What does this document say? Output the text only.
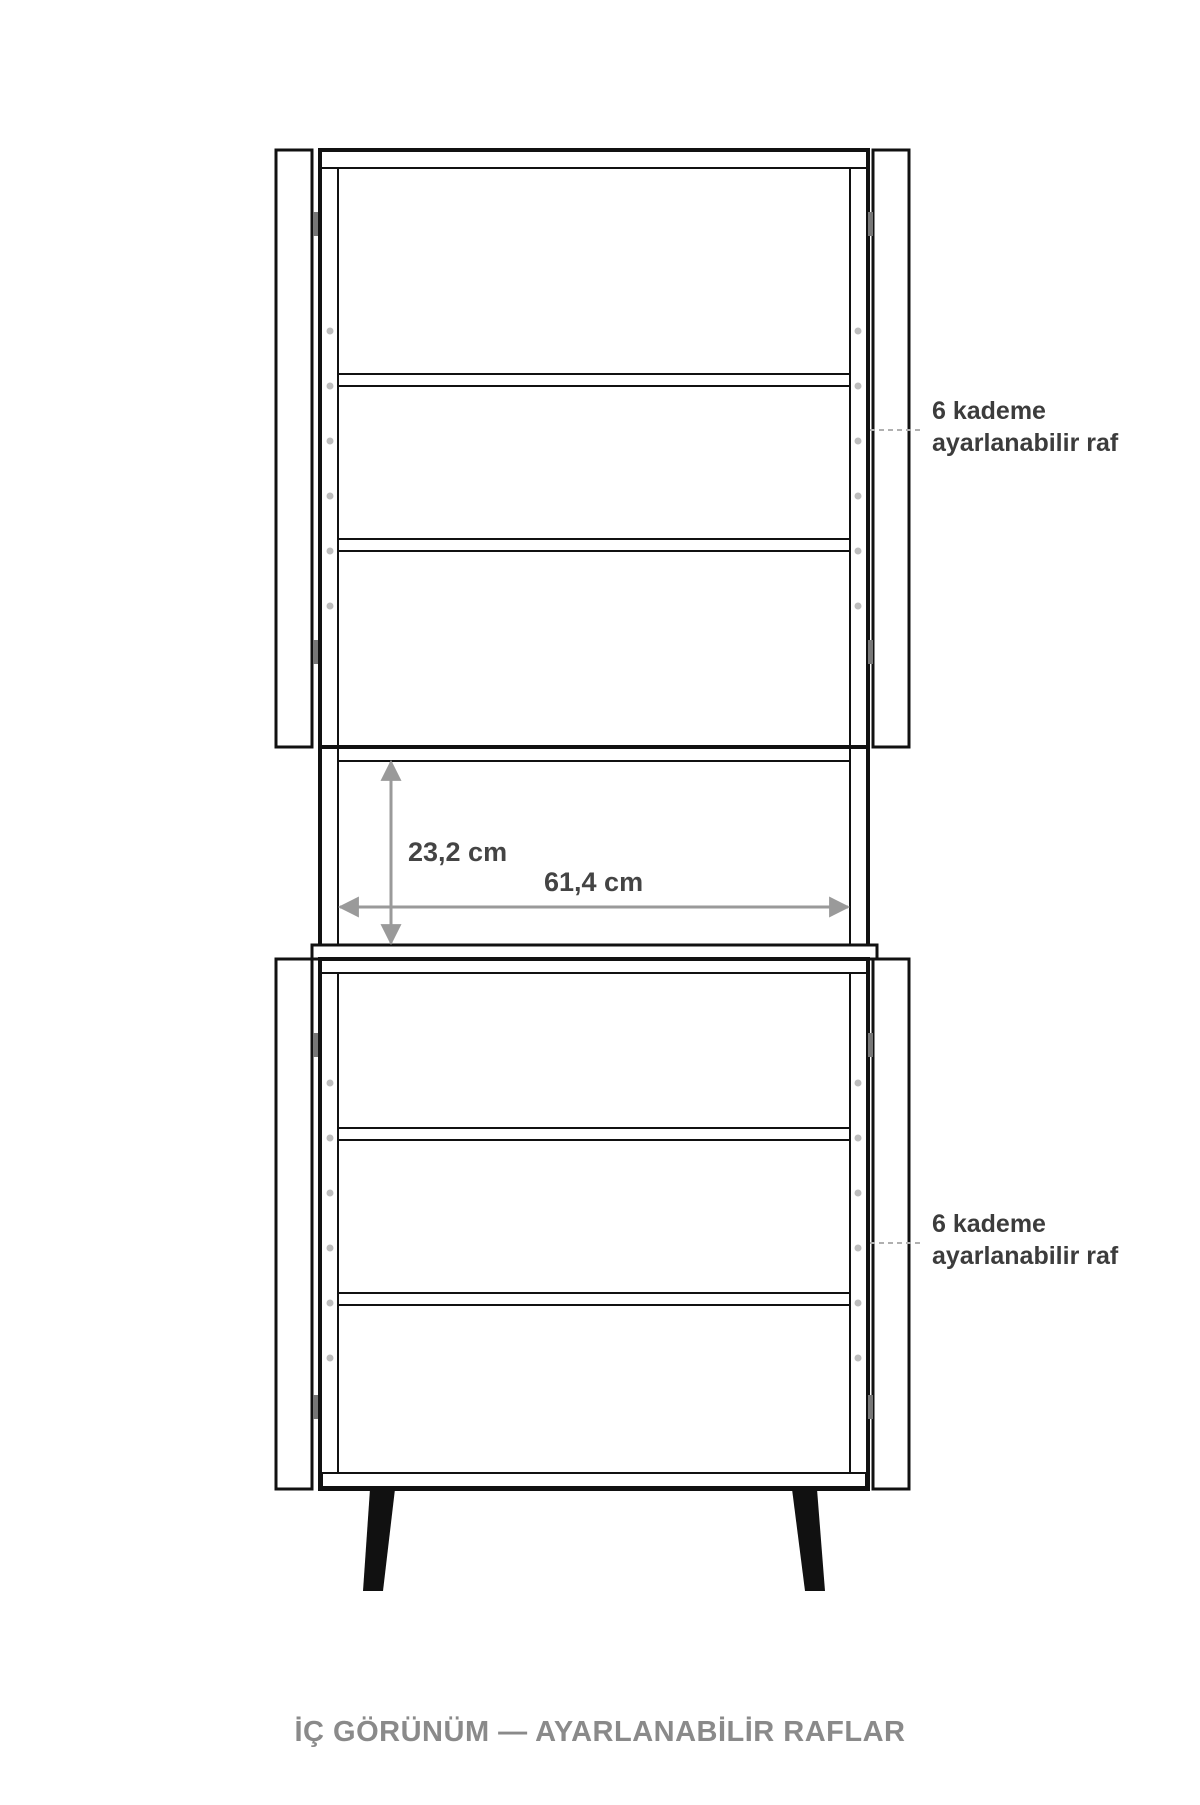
6 kademe
ayarlanabilir raf
6 kademe
ayarlanabilir raf
23,2 cm
61,4 cm
İÇ GÖRÜNÜM — AYARLANABİLİR RAFLAR
